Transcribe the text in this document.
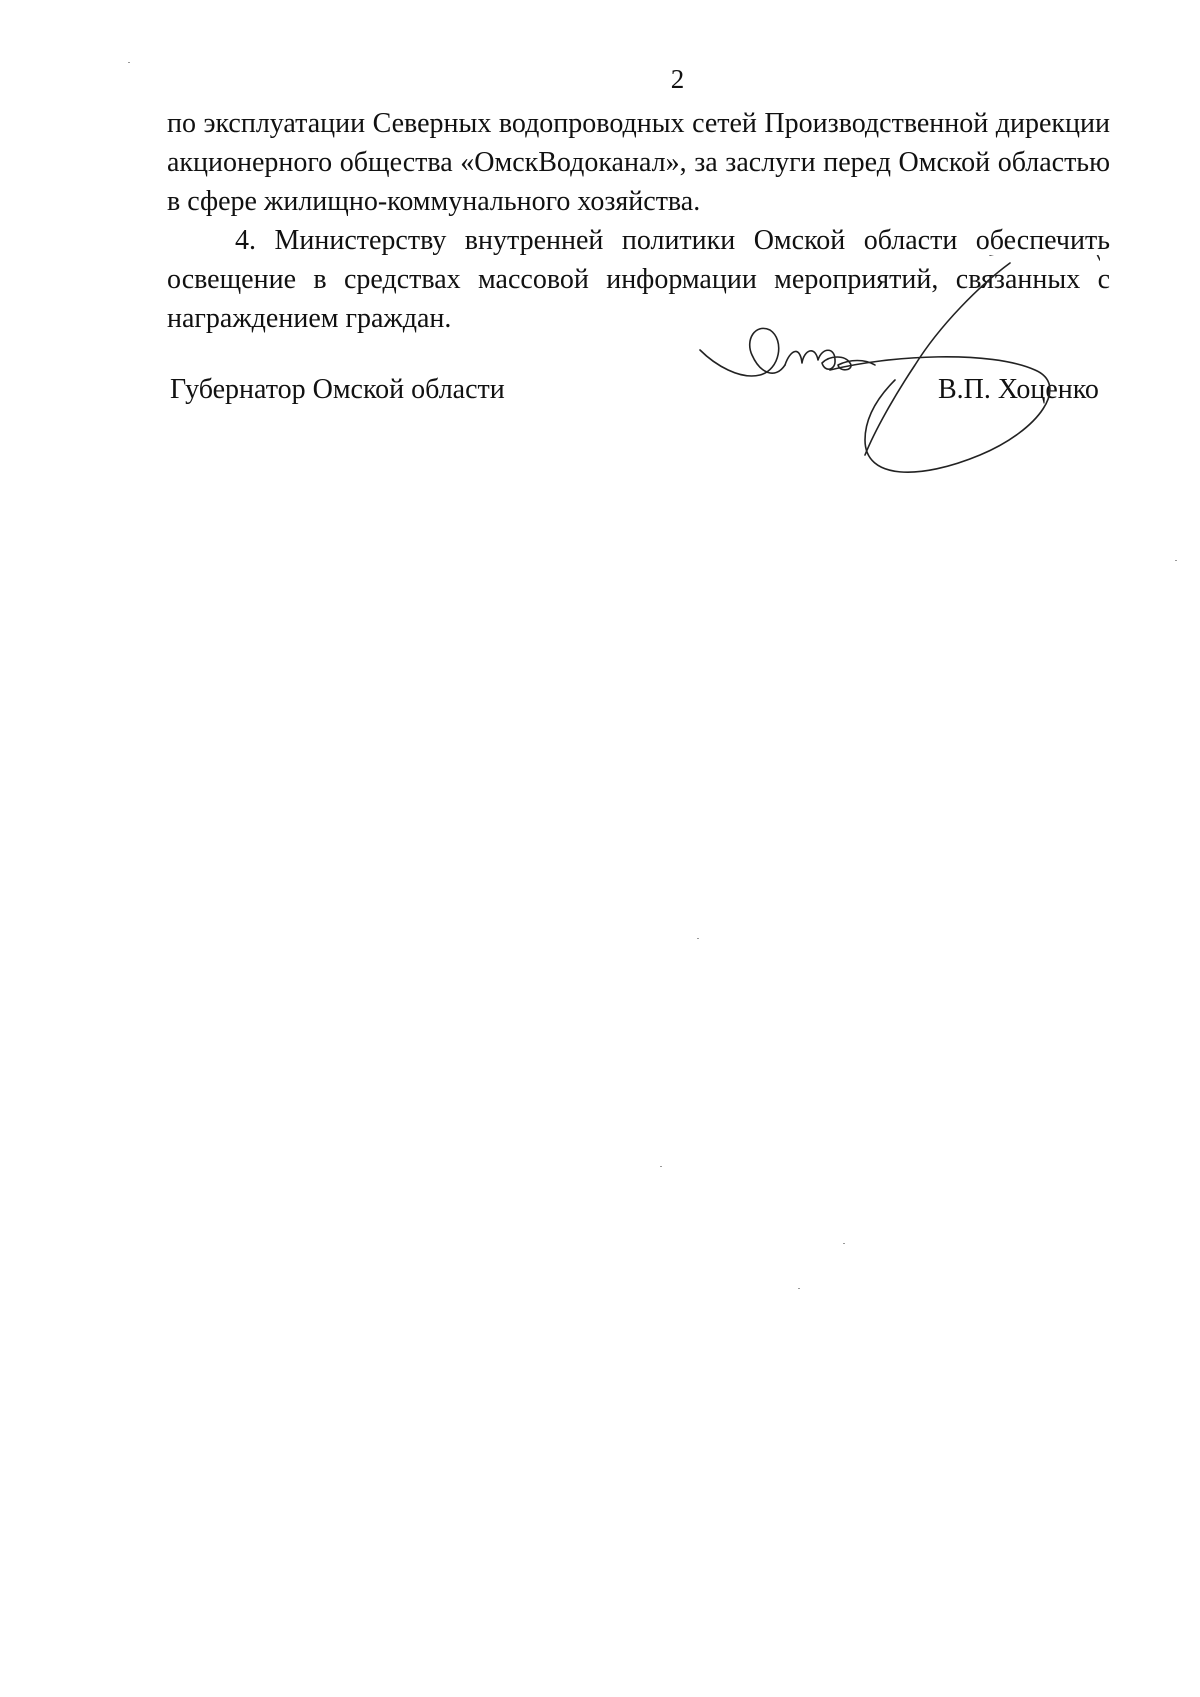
2

по эксплуатации Северных водопроводных сетей Производственной дирекции акционерного общества «ОмскВодоканал», за заслуги перед Омской областью в сфере жилищно-коммунального хозяйства.

4. Министерству внутренней политики Омской области обеспечить освещение в средствах массовой информации мероприятий, связанных с награждением граждан.

Губернатор Омской области	В.П. Хоценко
